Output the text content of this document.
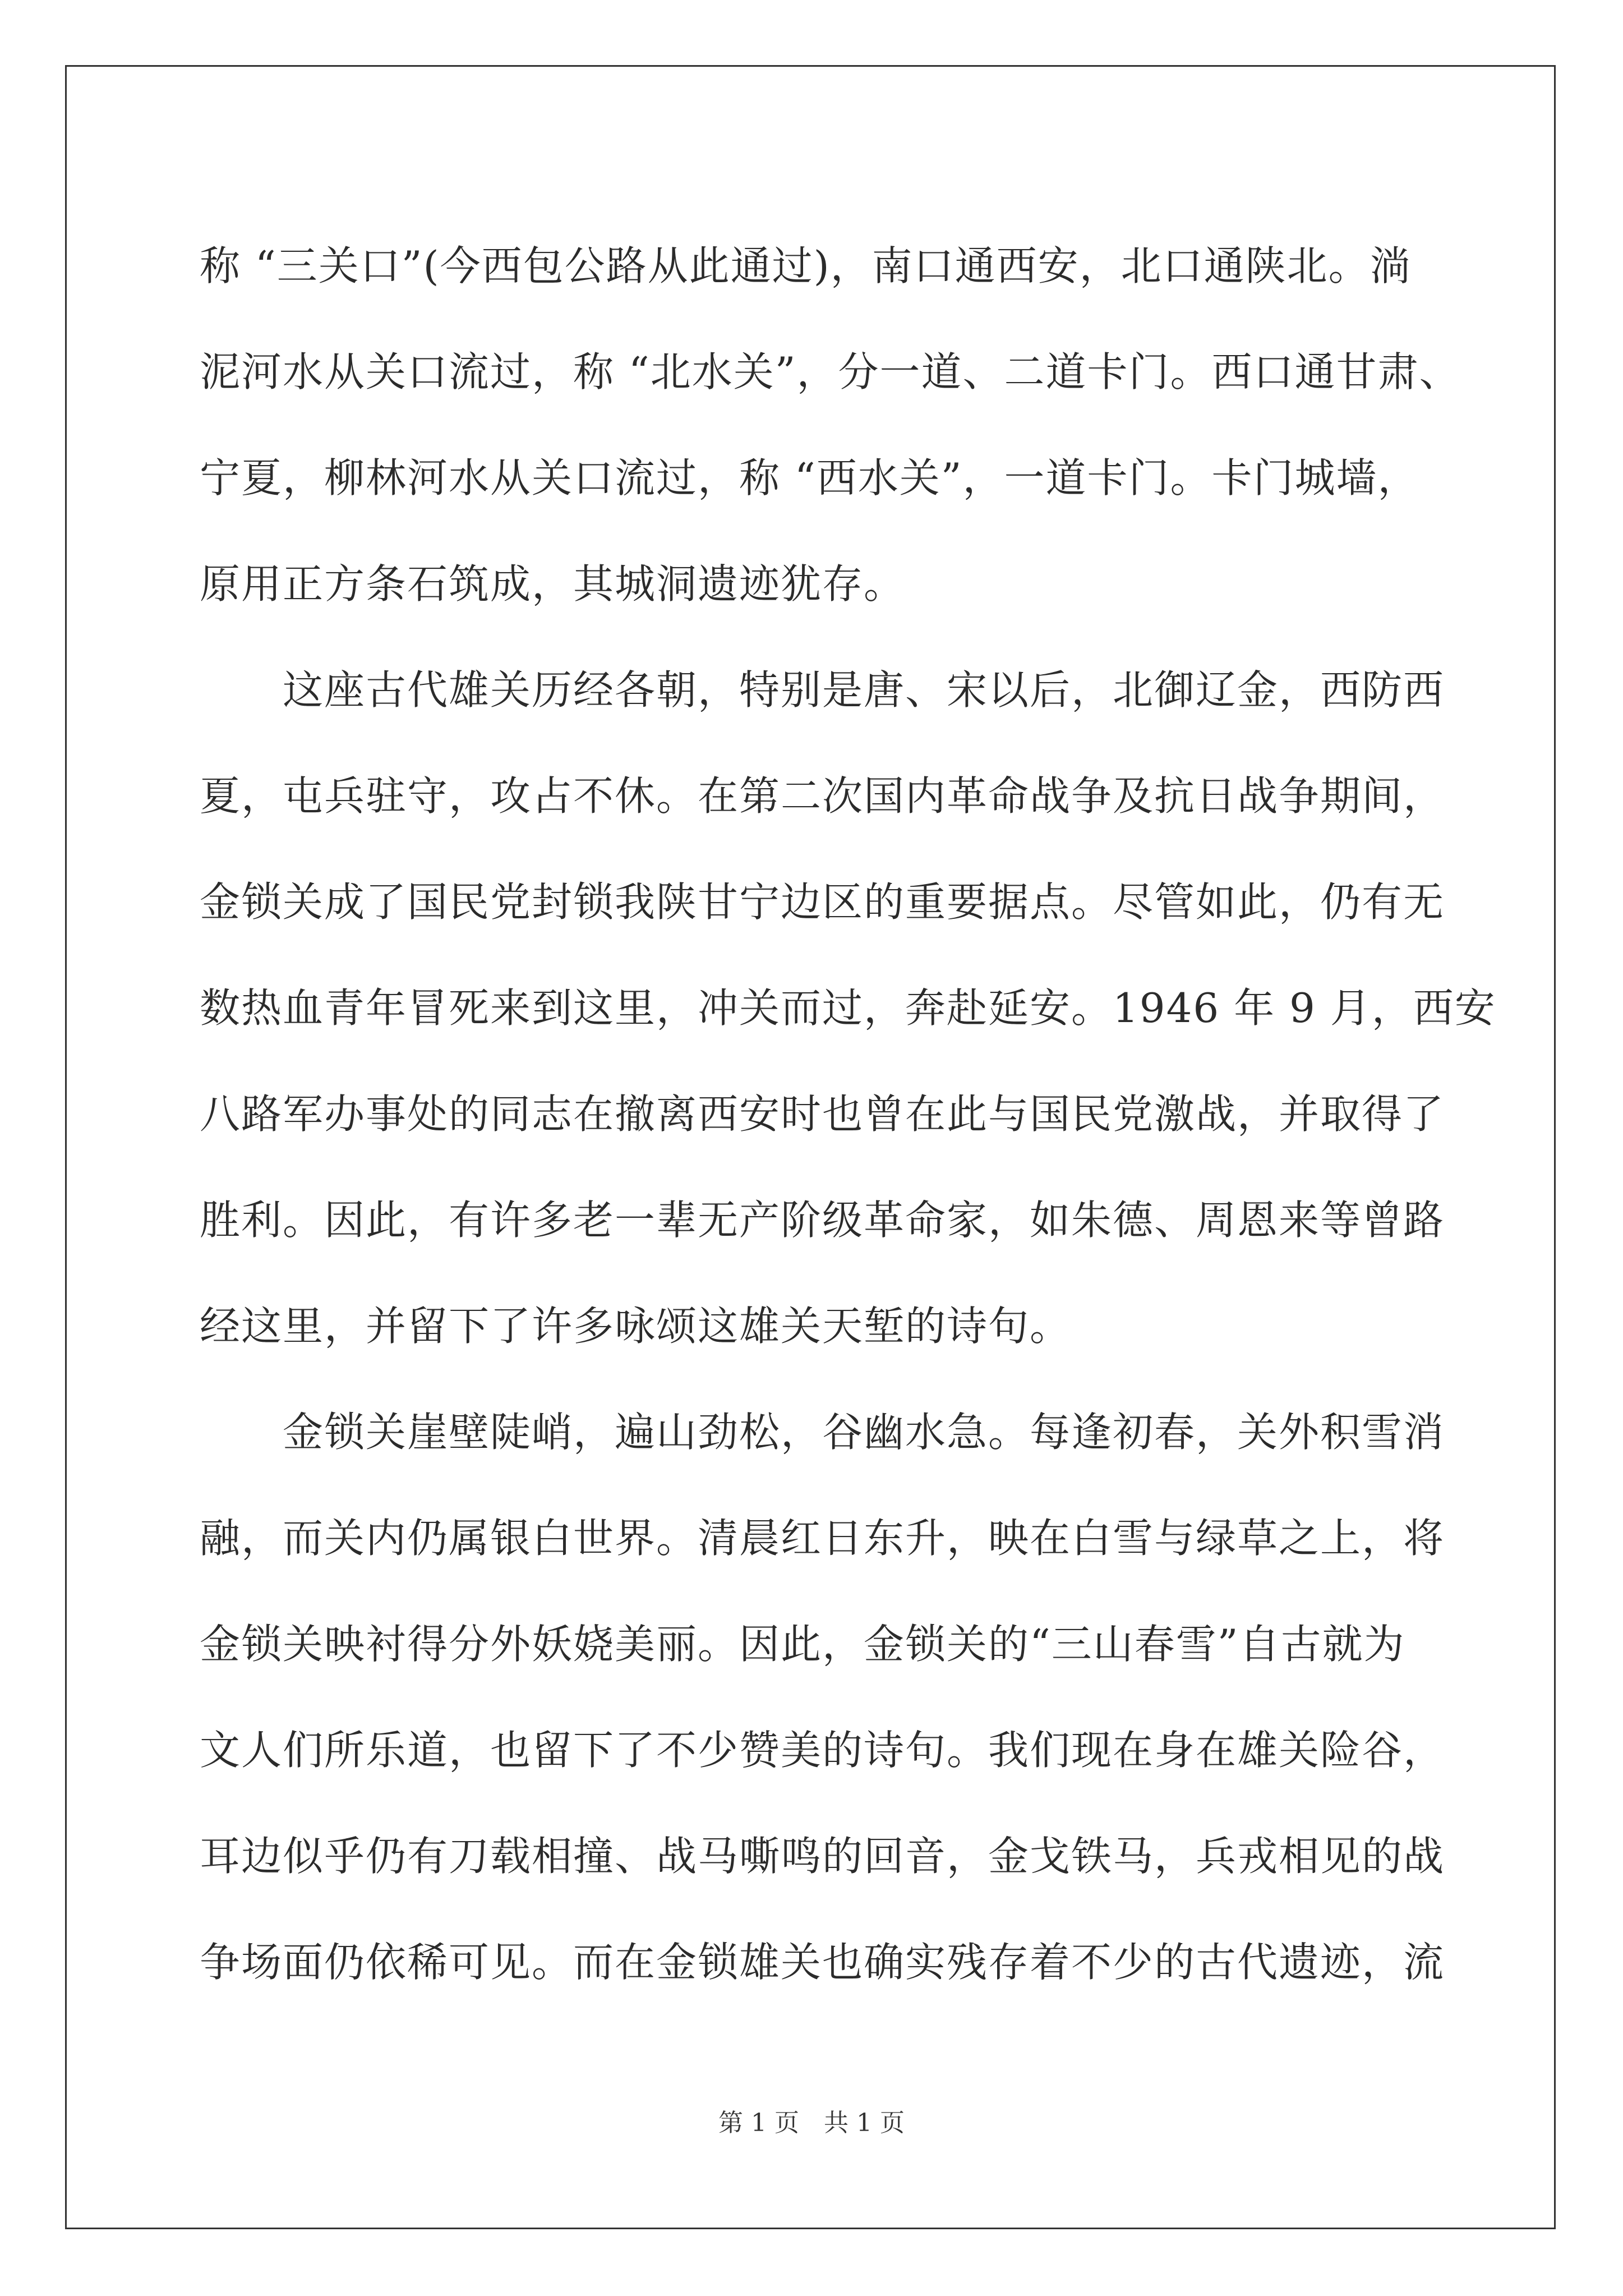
称 “三关口”(今西包公路从此通过)，南口通西安，北口通陕北。淌
泥河水从关口流过，称 “北水关”，分一道、二道卡门。西口通甘肃、
宁夏，柳林河水从关口流过，称 “西水关”，一道卡门。卡门城墙，
原用正方条石筑成，其城洞遗迹犹存。
　　这座古代雄关历经各朝，特别是唐、宋以后，北御辽金，西防西
夏，屯兵驻守，攻占不休。在第二次国内革命战争及抗日战争期间，
金锁关成了国民党封锁我陕甘宁边区的重要据点。尽管如此，仍有无
数热血青年冒死来到这里，冲关而过，奔赴延安。1946 年 9 月，西安
八路军办事处的同志在撤离西安时也曾在此与国民党激战，并取得了
胜利。因此，有许多老一辈无产阶级革命家，如朱德、周恩来等曾路
经这里，并留下了许多咏颂这雄关天堑的诗句。
　　金锁关崖壁陡峭，遍山劲松，谷幽水急。每逢初春，关外积雪消
融，而关内仍属银白世界。清晨红日东升，映在白雪与绿草之上，将
金锁关映衬得分外妖娆美丽。因此，金锁关的“三山春雪”自古就为
文人们所乐道，也留下了不少赞美的诗句。我们现在身在雄关险谷，
耳边似乎仍有刀载相撞、战马嘶鸣的回音，金戈铁马，兵戎相见的战
争场面仍依稀可见。而在金锁雄关也确实残存着不少的古代遗迹，流
第 1 页 共 1 页
